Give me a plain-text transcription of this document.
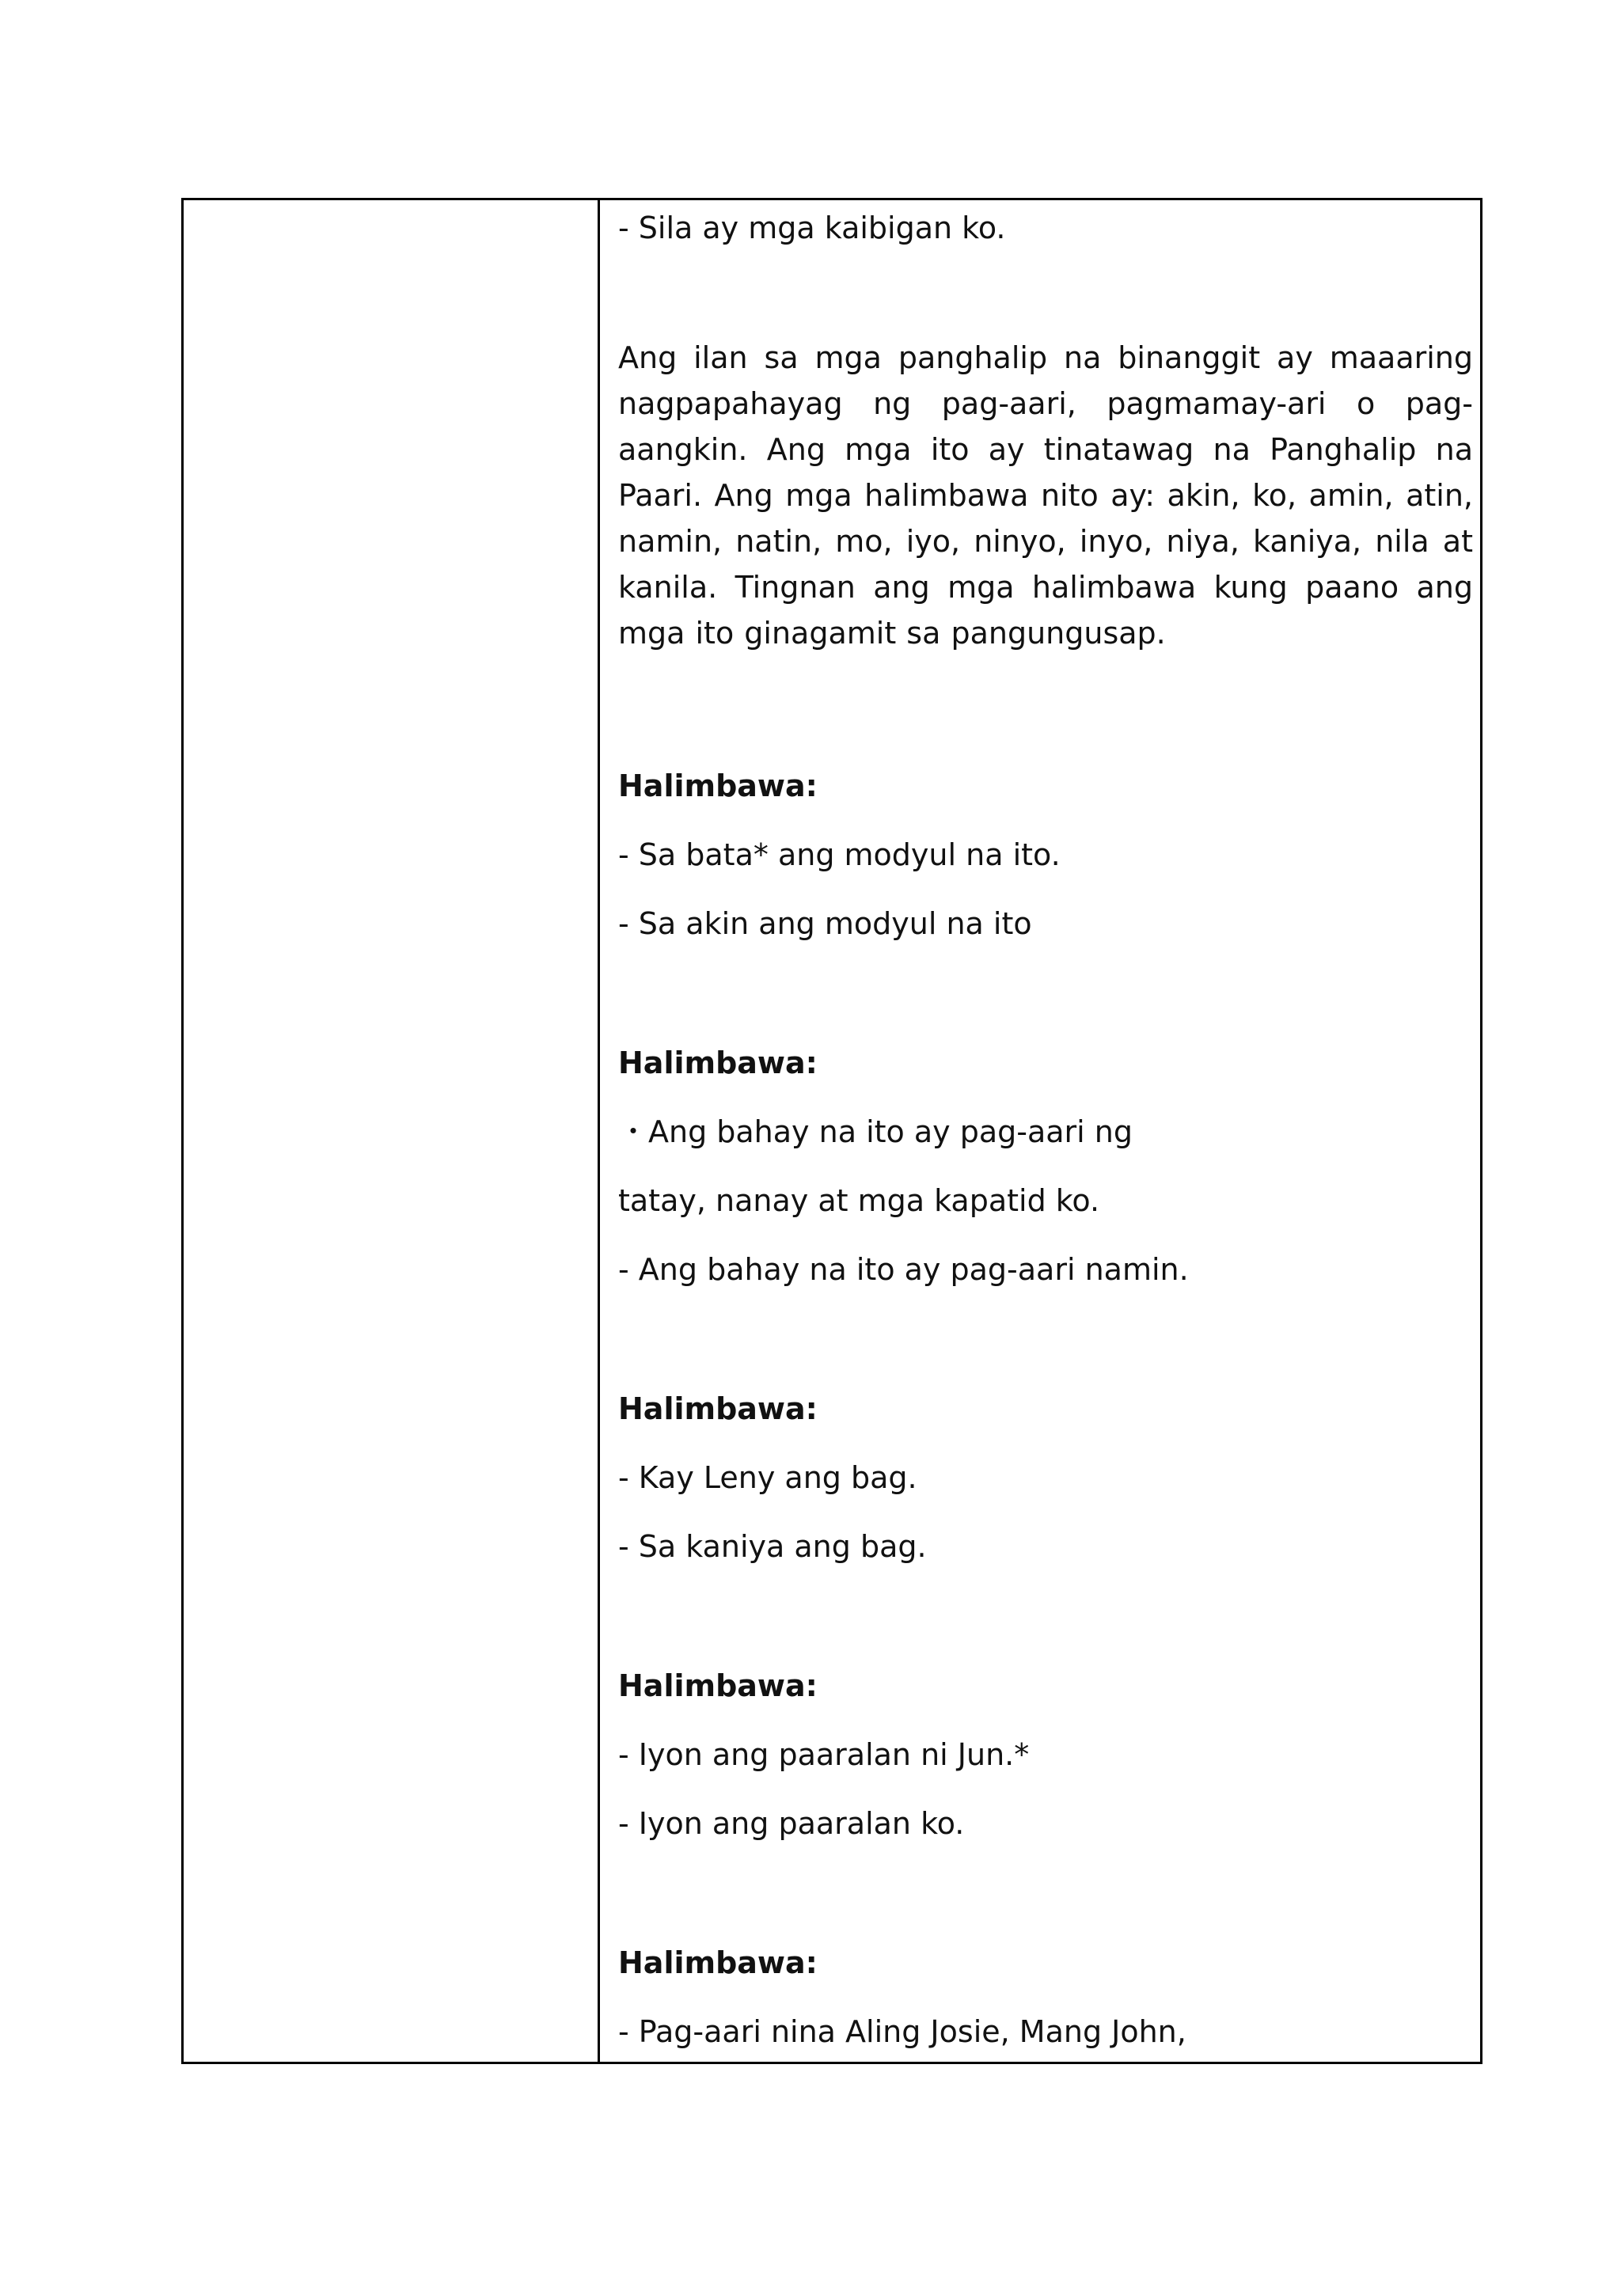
- Sila ay mga kaibigan ko.
Ang ilan sa mga panghalip na binanggit ay maaaring nagpapahayag ng pag-aari, pagmamay-ari o pag-aangkin. Ang mga ito ay tinatawag na Panghalip na Paari. Ang mga halimbawa nito ay: akin, ko, amin, atin, namin, natin, mo, iyo, ninyo, inyo, niya, kaniya, nila at kanila. Tingnan ang mga halimbawa kung paano ang mga ito ginagamit sa pangungusap.
Halimbawa:
- Sa bata* ang modyul na ito.
- Sa akin ang modyul na ito
Halimbawa:
・Ang bahay na ito ay pag-aari ng
tatay, nanay at mga kapatid ko.
- Ang bahay na ito ay pag-aari namin.
Halimbawa:
- Kay Leny ang bag.
- Sa kaniya ang bag.
Halimbawa:
- Iyon ang paaralan ni Jun.*
- Iyon ang paaralan ko.
Halimbawa:
- Pag-aari nina Aling Josie, Mang John,
